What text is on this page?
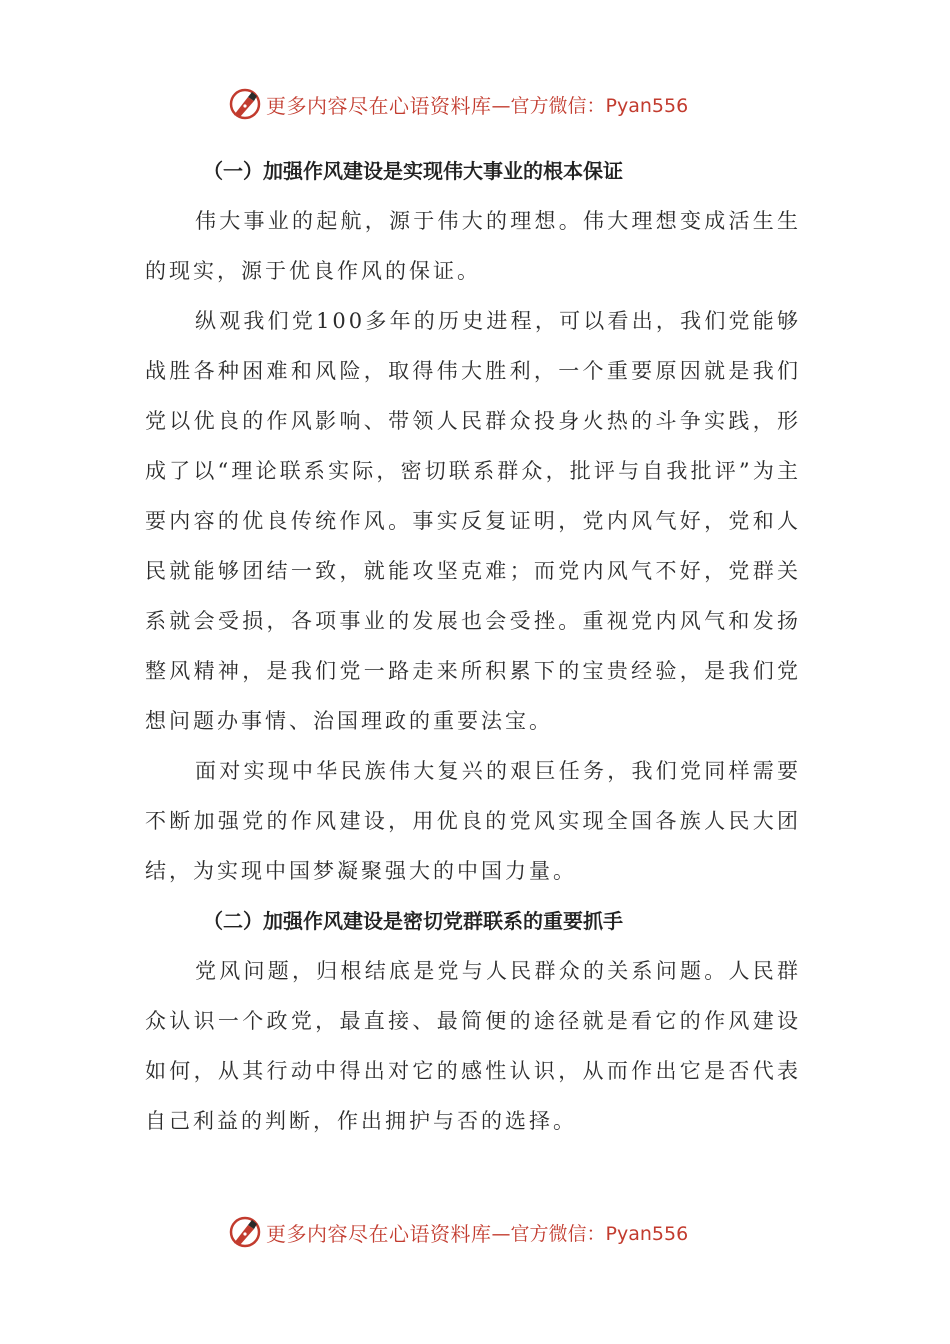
更多内容尽在心语资料库 —官方微信：Pyan556

（一）加强作风建设是实现伟大事业的根本保证

伟大事业的起航，源于伟大的理想。伟大理想变成活生生的现实，源于优良作风的保证。

纵观我们党100多年的历史进程，可以看出，我们党能够战胜各种困难和风险，取得伟大胜利，一个重要原因就是我们党以优良的作风影响、带领人民群众投身火热的斗争实践，形成了以“理论联系实际，密切联系群众，批评与自我批评”为主要内容的优良传统作风。事实反复证明，党内风气好，党和人民就能够团结一致，就能攻坚克难；而党内风气不好，党群关系就会受损，各项事业的发展也会受挫。重视党内风气和发扬整风精神，是我们党一路走来所积累下的宝贵经验，是我们党想问题办事情、治国理政的重要法宝。

面对实现中华民族伟大复兴的艰巨任务，我们党同样需要不断加强党的作风建设，用优良的党风实现全国各族人民大团结，为实现中国梦凝聚强大的中国力量。

（二）加强作风建设是密切党群联系的重要抓手

党风问题，归根结底是党与人民群众的关系问题。人民群众认识一个政党，最直接、最简便的途径就是看它的作风建设如何，从其行动中得出对它的感性认识，从而作出它是否代表自己利益的判断，作出拥护与否的选择。

更多内容尽在心语资料库 —官方微信：Pyan556
